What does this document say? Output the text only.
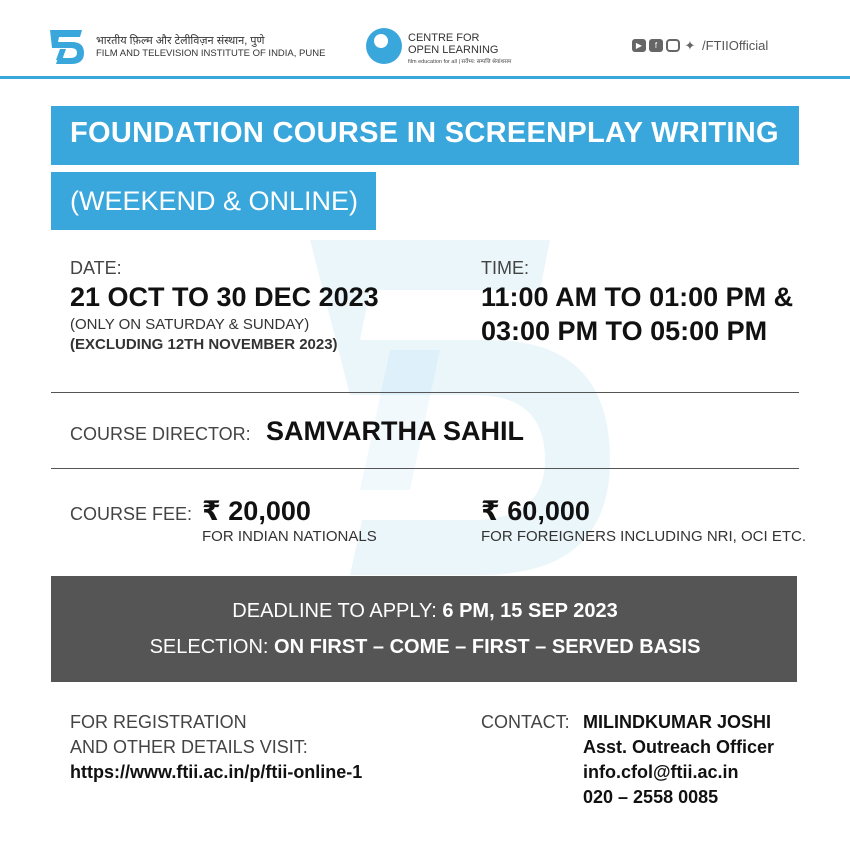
भारतीय फ़िल्म और टेलीविज़न संस्थान, पुणे
FILM AND TELEVISION INSTITUTE OF INDIA, PUNE
CENTRE FOR
OPEN LEARNING
film education for all | सर्वेभ्य: सम्पत्ति श्रेयांशसम
▶	f	✦ /FTIIOfficial
FOUNDATION COURSE IN SCREENPLAY WRITING
(WEEKEND & ONLINE)
DATE:
21 OCT TO 30 DEC 2023
(ONLY ON SATURDAY & SUNDAY)
(EXCLUDING 12TH NOVEMBER 2023)
TIME:
11:00 AM TO 01:00 PM &
03:00 PM TO 05:00 PM
COURSE DIRECTOR: SAMVARTHA SAHIL
COURSE FEE: ₹ 20,000
FOR INDIAN NATIONALS
₹ 60,000
FOR FOREIGNERS INCLUDING NRI, OCI ETC.
DEADLINE TO APPLY: 6 PM, 15 SEP 2023
SELECTION: ON FIRST – COME – FIRST – SERVED BASIS
FOR REGISTRATION
AND OTHER DETAILS VISIT:
https://www.ftii.ac.in/p/ftii-online-1
CONTACT: MILINDKUMAR JOSHI
Asst. Outreach Officer
info.cfol@ftii.ac.in
020 – 2558 0085
